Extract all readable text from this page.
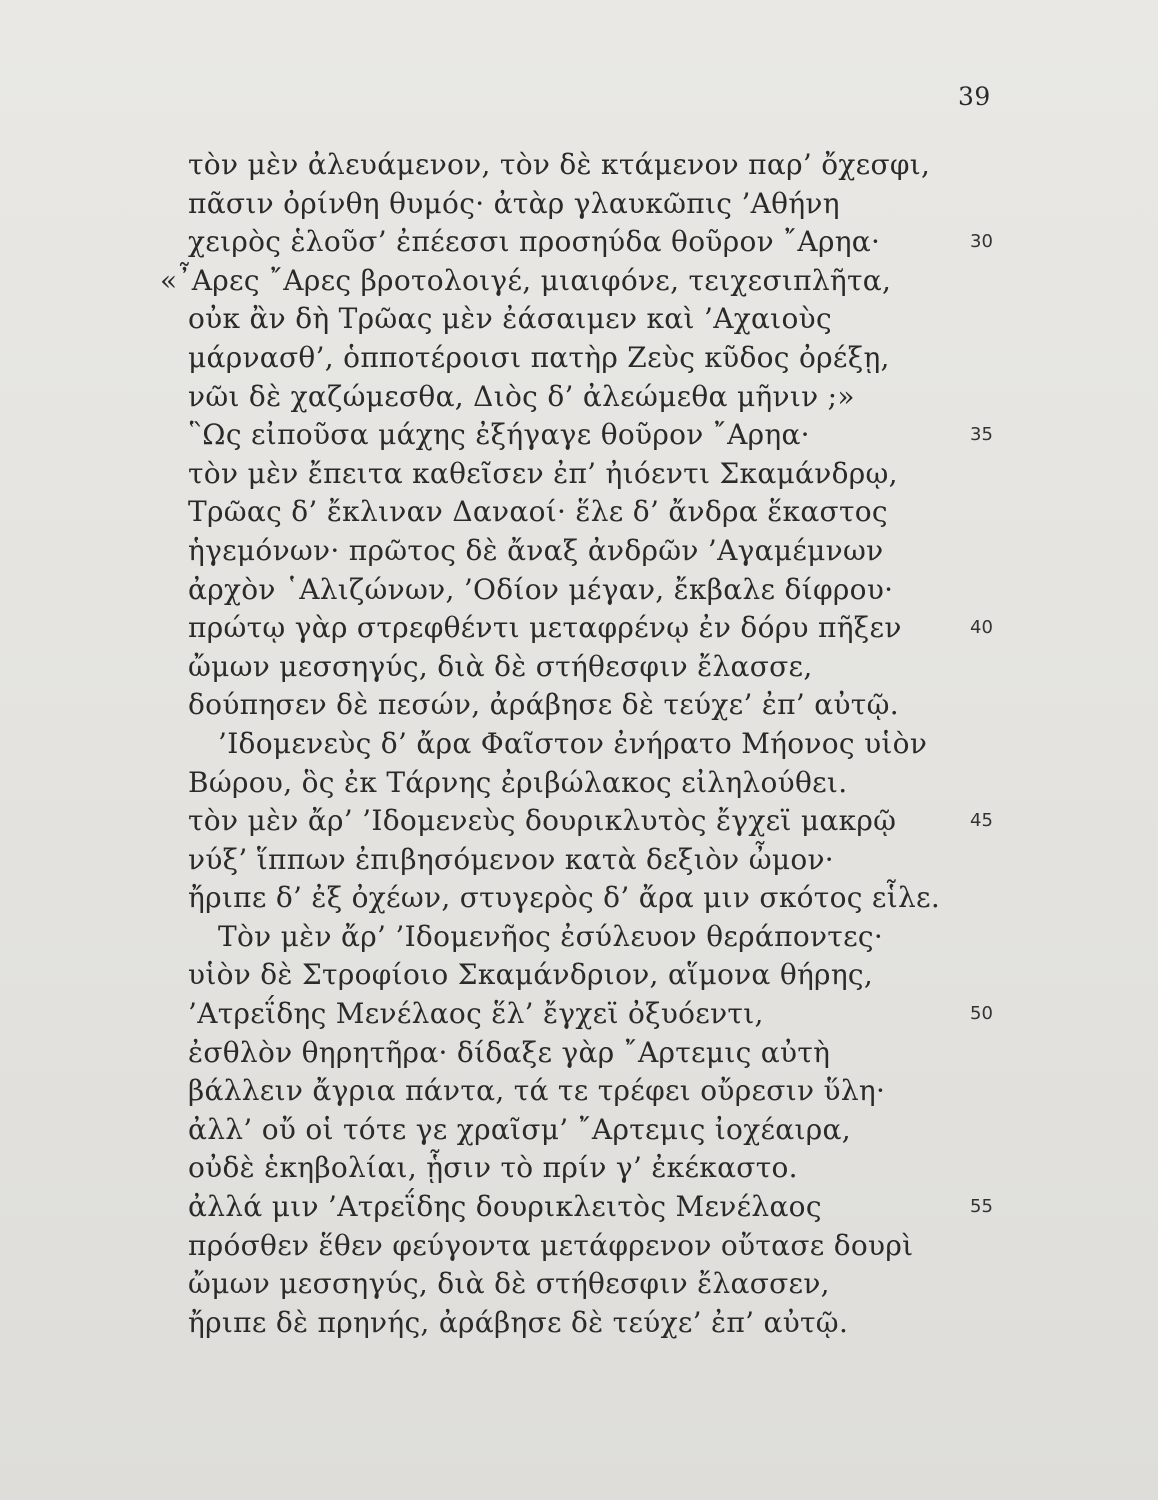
39
τὸν μὲν ἀλευάμενον, τὸν δὲ κτάμενον παρ’ ὄχεσφι,
πᾶσιν ὀρίνθη θυμός· ἀτὰρ γλαυκῶπις ’Αθήνη
χειρὸς ἑλοῦσ’ ἐπέεσσι προσηύδα θοῦρον ῎Αρηα·	30
«῏Αρες ῎Αρες βροτολοιγέ, μιαιφόνε, τειχεσιπλῆτα,
οὐκ ἂν δὴ Τρῶας μὲν ἐάσαιμεν καὶ ’Αχαιοὺς
μάρνασθ’, ὁπποτέροισι πατὴρ Ζεὺς κῦδος ὀρέξῃ,
νῶι δὲ χαζώμεσθα, Διὸς δ’ ἀλεώμεθα μῆνιν ;»
῝Ως εἰποῦσα μάχης ἐξήγαγε θοῦρον ῎Αρηα·	35
τὸν μὲν ἔπειτα καθεῖσεν ἐπ’ ἠιόεντι Σκαμάνδρῳ,
Τρῶας δ’ ἔκλιναν Δαναοί· ἕλε δ’ ἄνδρα ἕκαστος
ἡγεμόνων· πρῶτος δὲ ἄναξ ἀνδρῶν ’Αγαμέμνων
ἀρχὸν ῾Αλιζώνων, ’Οδίον μέγαν, ἔκβαλε δίφρου·
πρώτῳ γὰρ στρεφθέντι μεταφρένῳ ἐν δόρυ πῆξεν	40
ὤμων μεσσηγύς, διὰ δὲ στήθεσφιν ἔλασσε,
δούπησεν δὲ πεσών, ἀράβησε δὲ τεύχε’ ἐπ’ αὐτῷ.
’Ιδομενεὺς δ’ ἄρα Φαῖστον ἐνήρατο Μήονος υἱὸν
Βώρου, ὃς ἐκ Τάρνης ἐριβώλακος εἰληλούθει.
τὸν μὲν ἄρ’ ’Ιδομενεὺς δουρικλυτὸς ἔγχεϊ μακρῷ	45
νύξ’ ἵππων ἐπιβησόμενον κατὰ δεξιὸν ὦμον·
ἤριπε δ’ ἐξ ὀχέων, στυγερὸς δ’ ἄρα μιν σκότος εἷλε.
Τὸν μὲν ἄρ’ ’Ιδομενῆος ἐσύλευον θεράποντες·
υἱὸν δὲ Στροφίοιο Σκαμάνδριον, αἵμονα θήρης,
’Ατρεΐδης Μενέλαος ἕλ’ ἔγχεϊ ὀξυόεντι,	50
ἐσθλὸν θηρητῆρα· δίδαξε γὰρ ῎Αρτεμις αὐτὴ
βάλλειν ἄγρια πάντα, τά τε τρέφει οὔρεσιν ὕλη·
ἀλλ’ οὔ οἱ τότε γε χραῖσμ’ ῎Αρτεμις ἰοχέαιρα,
οὐδὲ ἑκηβολίαι, ᾗσιν τὸ πρίν γ’ ἐκέκαστο.
ἀλλά μιν ’Ατρεΐδης δουρικλειτὸς Μενέλαος	55
πρόσθεν ἕθεν φεύγοντα μετάφρενον οὔτασε δουρὶ
ὤμων μεσσηγύς, διὰ δὲ στήθεσφιν ἔλασσεν,
ἤριπε δὲ πρηνής, ἀράβησε δὲ τεύχε’ ἐπ’ αὐτῷ.
